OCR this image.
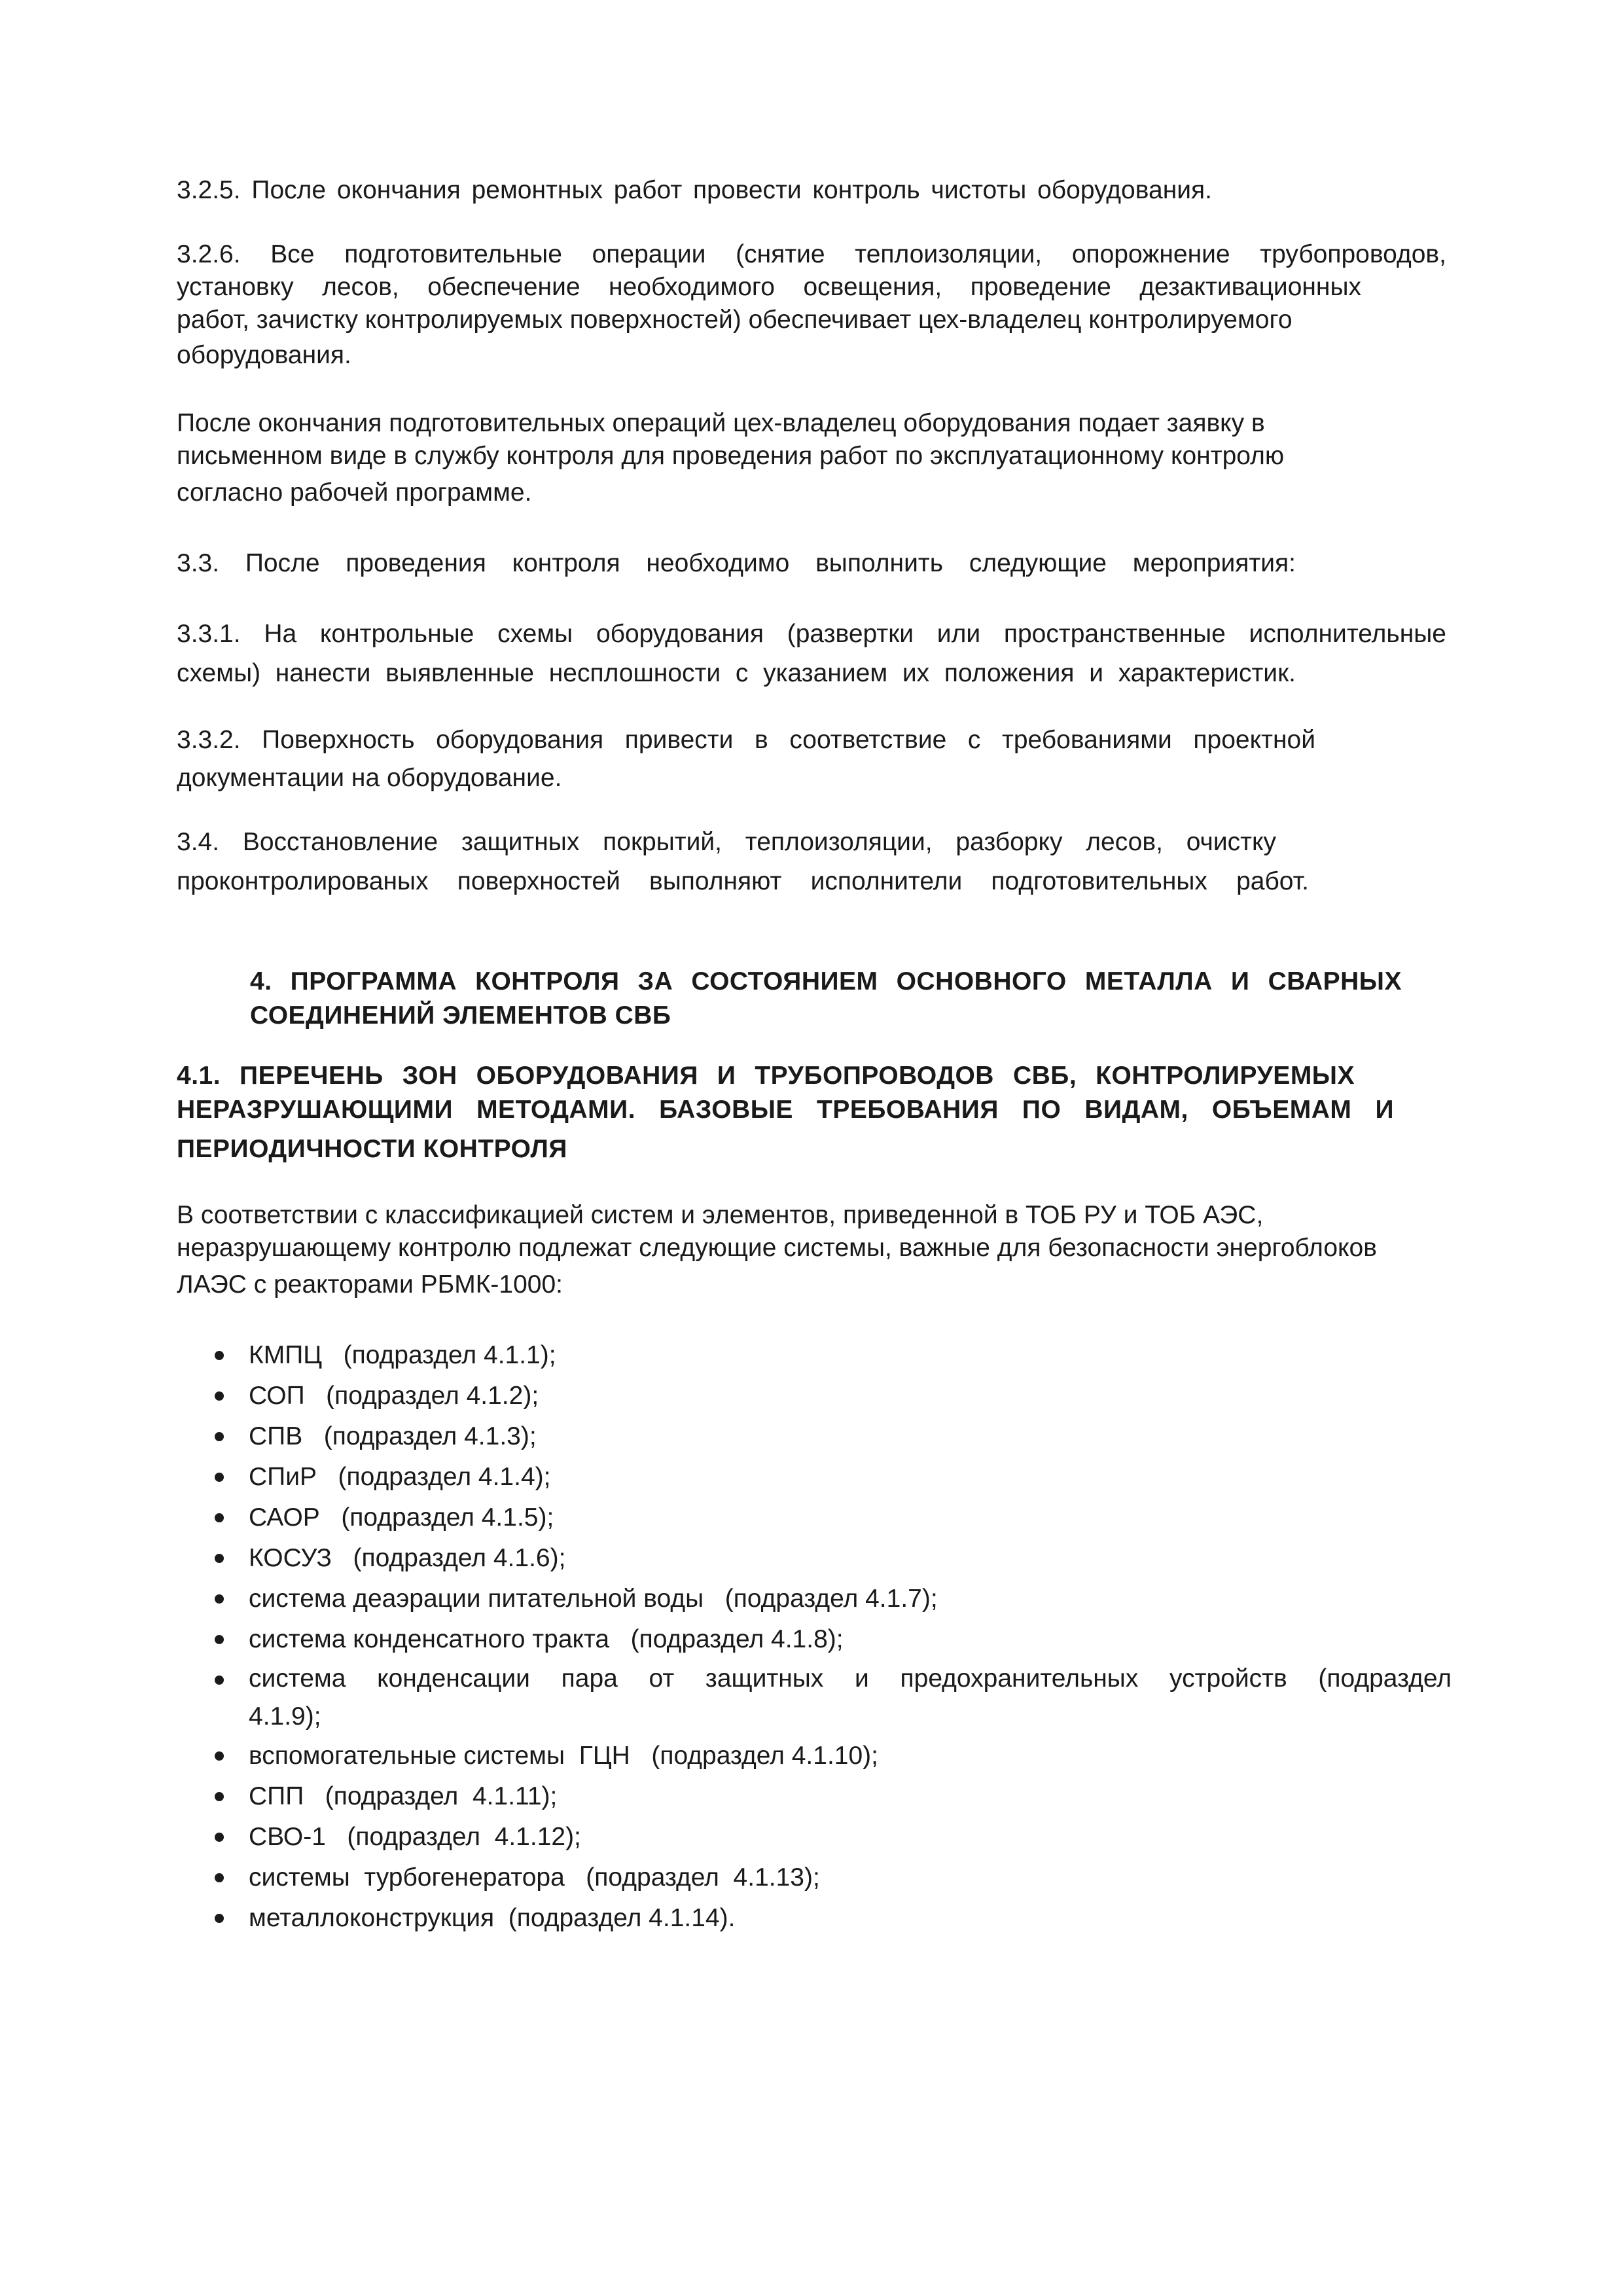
3.2.5. После окончания ремонтных работ провести контроль чистоты оборудования.
3.2.6. Все подготовительные операции (снятие теплоизоляции, опорожнение трубопроводов,
установку лесов, обеспечение необходимого освещения, проведение дезактивационных
работ, зачистку контролируемых поверхностей) обеспечивает цех-владелец контролируемого
оборудования.
После окончания подготовительных операций цех-владелец оборудования подает заявку в
письменном виде в службу контроля для проведения работ по эксплуатационному контролю
согласно рабочей программе.
3.3. После проведения контроля необходимо выполнить следующие мероприятия:
3.3.1. На контрольные схемы оборудования (развертки или пространственные исполнительные
схемы) нанести выявленные несплошности с указанием их положения и характеристик.
3.3.2. Поверхность оборудования привести в соответствие с требованиями проектной
документации на оборудование.
3.4. Восстановление защитных покрытий, теплоизоляции, разборку лесов, очистку
проконтролированых поверхностей выполняют исполнители подготовительных работ.
4. ПРОГРАММА КОНТРОЛЯ ЗА СОСТОЯНИЕМ ОСНОВНОГО МЕТАЛЛА И СВАРНЫХ
СОЕДИНЕНИЙ ЭЛЕМЕНТОВ СВБ
4.1. ПЕРЕЧЕНЬ ЗОН ОБОРУДОВАНИЯ И ТРУБОПРОВОДОВ СВБ, КОНТРОЛИРУЕМЫХ
НЕРАЗРУШАЮЩИМИ МЕТОДАМИ. БАЗОВЫЕ ТРЕБОВАНИЯ ПО ВИДАМ, ОБЪЕМАМ И
ПЕРИОДИЧНОСТИ КОНТРОЛЯ
В соответствии с классификацией систем и элементов, приведенной в ТОБ РУ и ТОБ АЭС,
неразрушающему контролю подлежат следующие системы, важные для безопасности энергоблоков
ЛАЭС с реакторами РБМК-1000:
КМПЦ   (подраздел 4.1.1);
СОП   (подраздел 4.1.2);
СПВ   (подраздел 4.1.3);
СПиР   (подраздел 4.1.4);
САОР   (подраздел 4.1.5);
КОСУЗ   (подраздел 4.1.6);
система деаэрации питательной воды   (подраздел 4.1.7);
система конденсатного тракта   (подраздел 4.1.8);
система конденсации пара от защитных и предохранительных устройств (подраздел
4.1.9);
вспомогательные системы  ГЦН   (подраздел 4.1.10);
СПП   (подраздел  4.1.11);
СВО-1   (подраздел  4.1.12);
системы  турбогенератора   (подраздел  4.1.13);
металлоконструкция  (подраздел 4.1.14).
